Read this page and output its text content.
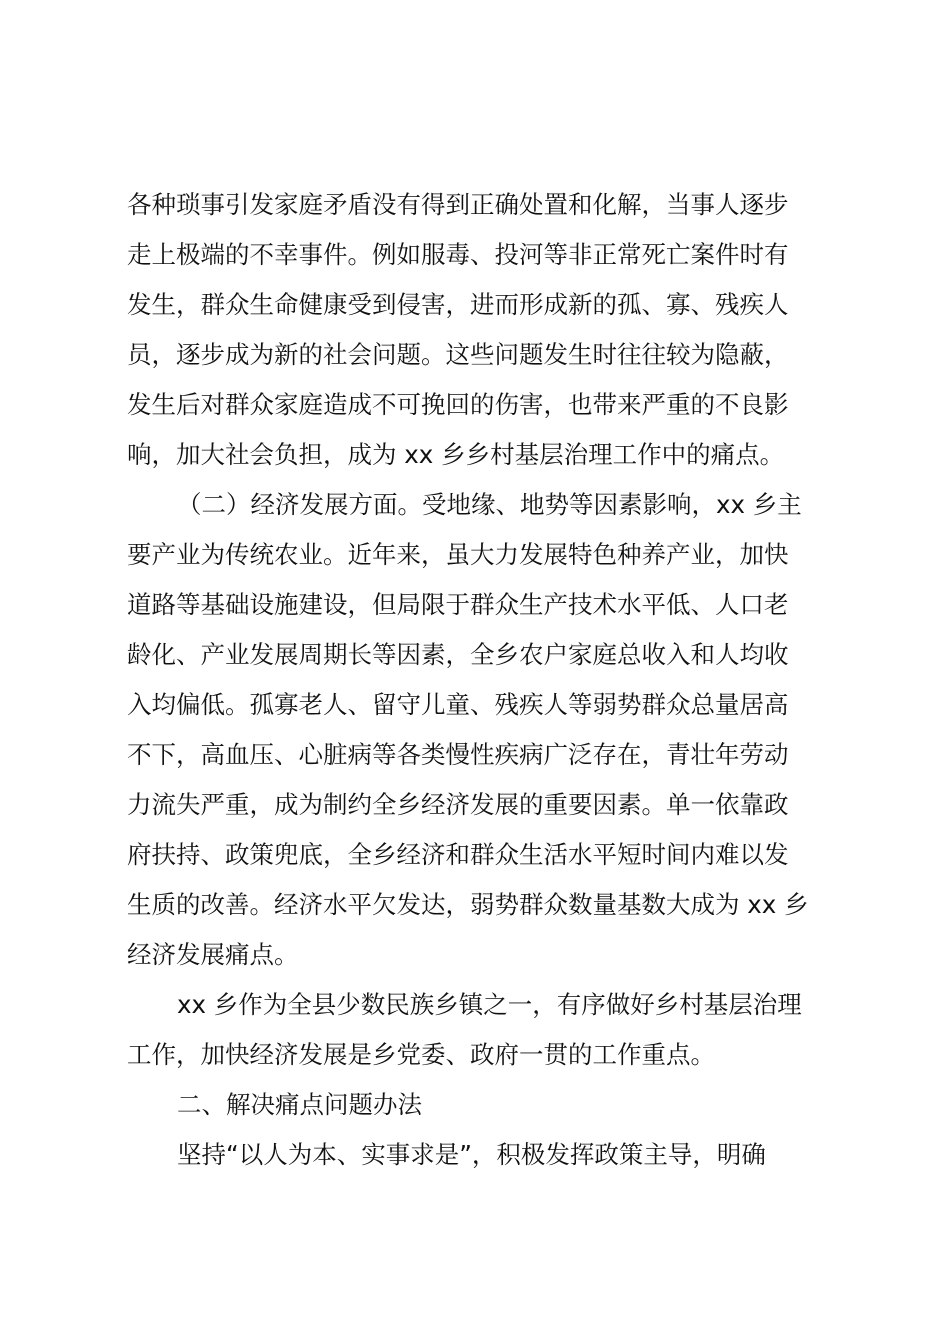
各种琐事引发家庭矛盾没有得到正确处置和化解，当事人逐步
走上极端的不幸事件。例如服毒、投河等非正常死亡案件时有
发生，群众生命健康受到侵害，进而形成新的孤、寡、残疾人
员，逐步成为新的社会问题。这些问题发生时往往较为隐蔽，
发生后对群众家庭造成不可挽回的伤害，也带来严重的不良影
响，加大社会负担，成为 xx 乡乡村基层治理工作中的痛点。
（二）经济发展方面。受地缘、地势等因素影响，xx 乡主
要产业为传统农业。近年来，虽大力发展特色种养产业，加快
道路等基础设施建设，但局限于群众生产技术水平低、人口老
龄化、产业发展周期长等因素，全乡农户家庭总收入和人均收
入均偏低。孤寡老人、留守儿童、残疾人等弱势群众总量居高
不下，高血压、心脏病等各类慢性疾病广泛存在，青壮年劳动
力流失严重，成为制约全乡经济发展的重要因素。单一依靠政
府扶持、政策兜底，全乡经济和群众生活水平短时间内难以发
生质的改善。经济水平欠发达，弱势群众数量基数大成为 xx 乡
经济发展痛点。
xx 乡作为全县少数民族乡镇之一，有序做好乡村基层治理
工作，加快经济发展是乡党委、政府一贯的工作重点。
二、解决痛点问题办法
坚持“以人为本、实事求是”，积极发挥政策主导，明确
